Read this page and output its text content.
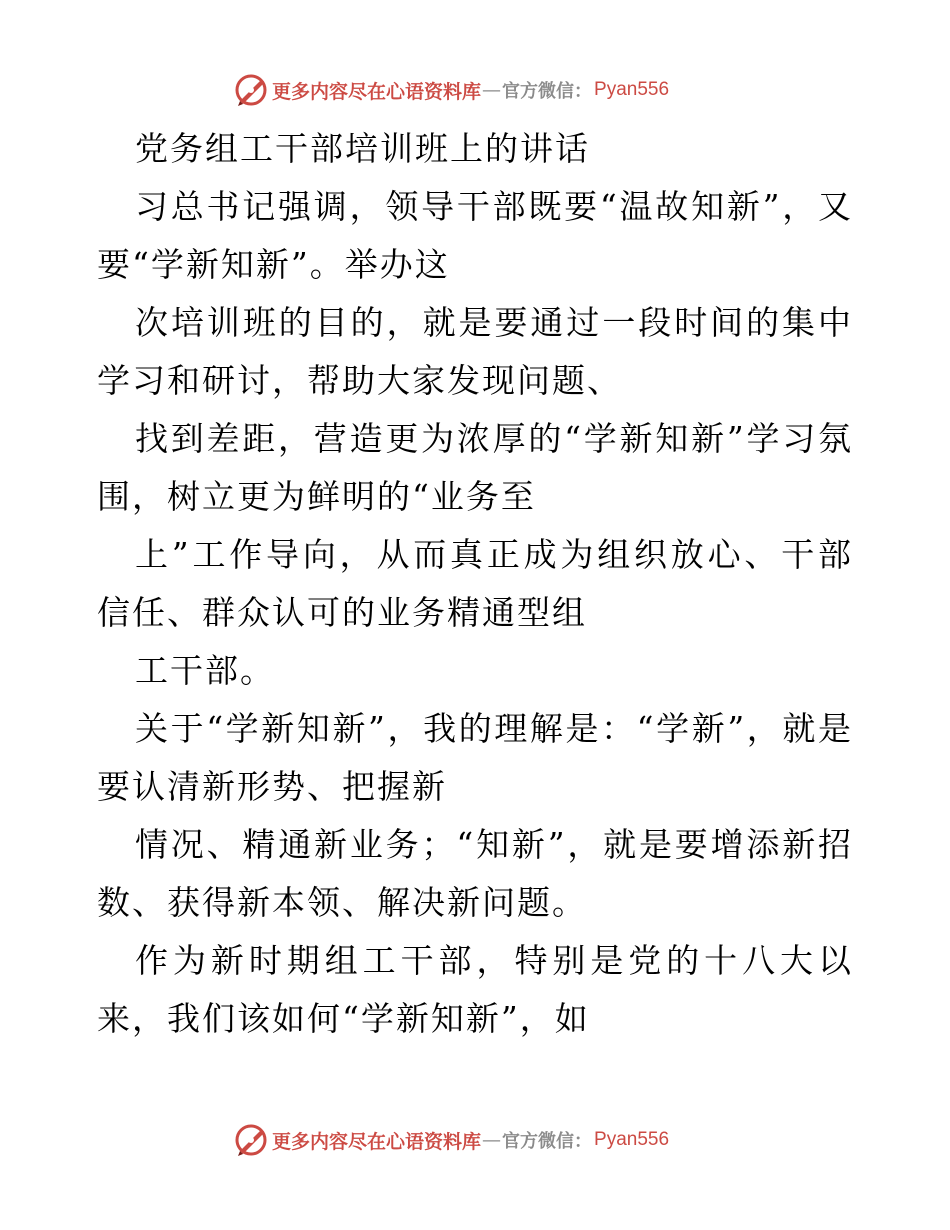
更多内容尽在心语资料库 — 官方微信： Pyan556

党务组工干部培训班上的讲话

习总书记强调，领导干部既要“温故知新”，又要“学新知新”。举办这

次培训班的目的，就是要通过一段时间的集中学习和研讨，帮助大家发现问题、

找到差距，营造更为浓厚的“学新知新”学习氛围，树立更为鲜明的“业务至

上”工作导向，从而真正成为组织放心、干部信任、群众认可的业务精通型组

工干部。

关于“学新知新”，我的理解是：“学新”，就是要认清新形势、把握新

情况、精通新业务；“知新”，就是要增添新招数、获得新本领、解决新问题。

作为新时期组工干部，特别是党的十八大以来，我们该如何“学新知新”，如

更多内容尽在心语资料库 — 官方微信： Pyan556
